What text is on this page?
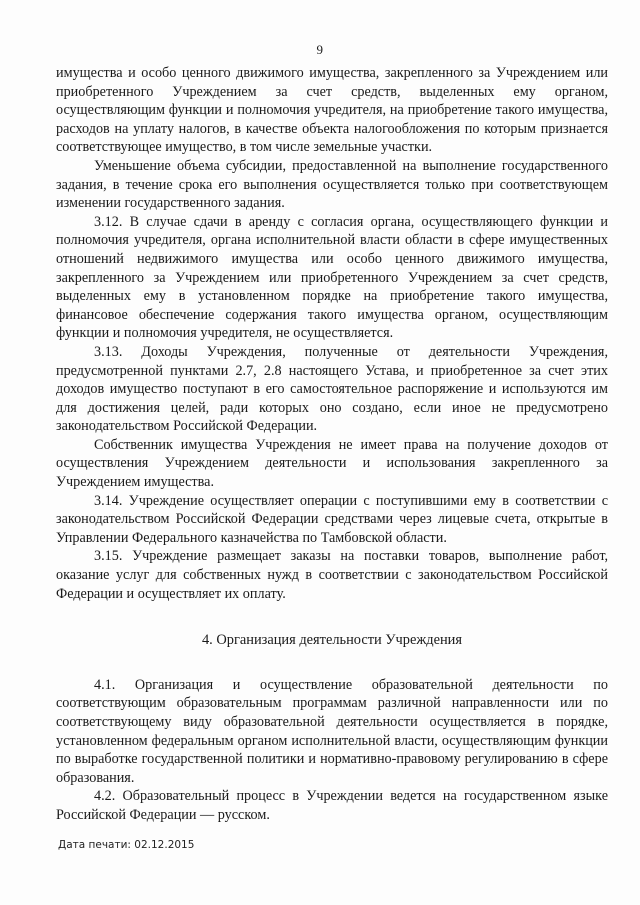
9

имущества и особо ценного движимого имущества, закрепленного за Учреждением или приобретенного Учреждением за счет средств, выделенных ему органом, осуществляющим функции и полномочия учредителя, на приобретение такого имущества, расходов на уплату налогов, в качестве объекта налогообложения по которым признается соответствующее имущество, в том числе земельные участки.

Уменьшение объема субсидии, предоставленной на выполнение государственного задания, в течение срока его выполнения осуществляется только при соответствующем изменении государственного задания.

3.12. В случае сдачи в аренду с согласия органа, осуществляющего функции и полномочия учредителя, органа исполнительной власти области в сфере имущественных отношений недвижимого имущества или особо ценного движимого имущества, закрепленного за Учреждением или приобретенного Учреждением за счет средств, выделенных ему в установленном порядке на приобретение такого имущества, финансовое обеспечение содержания такого имущества органом, осуществляющим функции и полномочия учредителя, не осуществляется.

3.13. Доходы Учреждения, полученные от деятельности Учреждения, предусмотренной пунктами 2.7, 2.8 настоящего Устава, и приобретенное за счет этих доходов имущество поступают в его самостоятельное распоряжение и используются им для достижения целей, ради которых оно создано, если иное не предусмотрено законодательством Российской Федерации.

Собственник имущества Учреждения не имеет права на получение доходов от осуществления Учреждением деятельности и использования закрепленного за Учреждением имущества.

3.14. Учреждение осуществляет операции с поступившими ему в соответствии с законодательством Российской Федерации средствами через лицевые счета, открытые в Управлении Федерального казначейства по Тамбовской области.

3.15. Учреждение размещает заказы на поставки товаров, выполнение работ, оказание услуг для собственных нужд в соответствии с законодательством Российской Федерации и осуществляет их оплату.

4. Организация деятельности Учреждения

4.1. Организация и осуществление образовательной деятельности по соответствующим образовательным программам различной направленности или по соответствующему виду образовательной деятельности осуществляется в порядке, установленном федеральным органом исполнительной власти, осуществляющим функции по выработке государственной политики и нормативно-правовому регулированию в сфере образования.

4.2. Образовательный процесс в Учреждении ведется на государственном языке Российской Федерации — русском.

Дата печати: 02.12.2015
